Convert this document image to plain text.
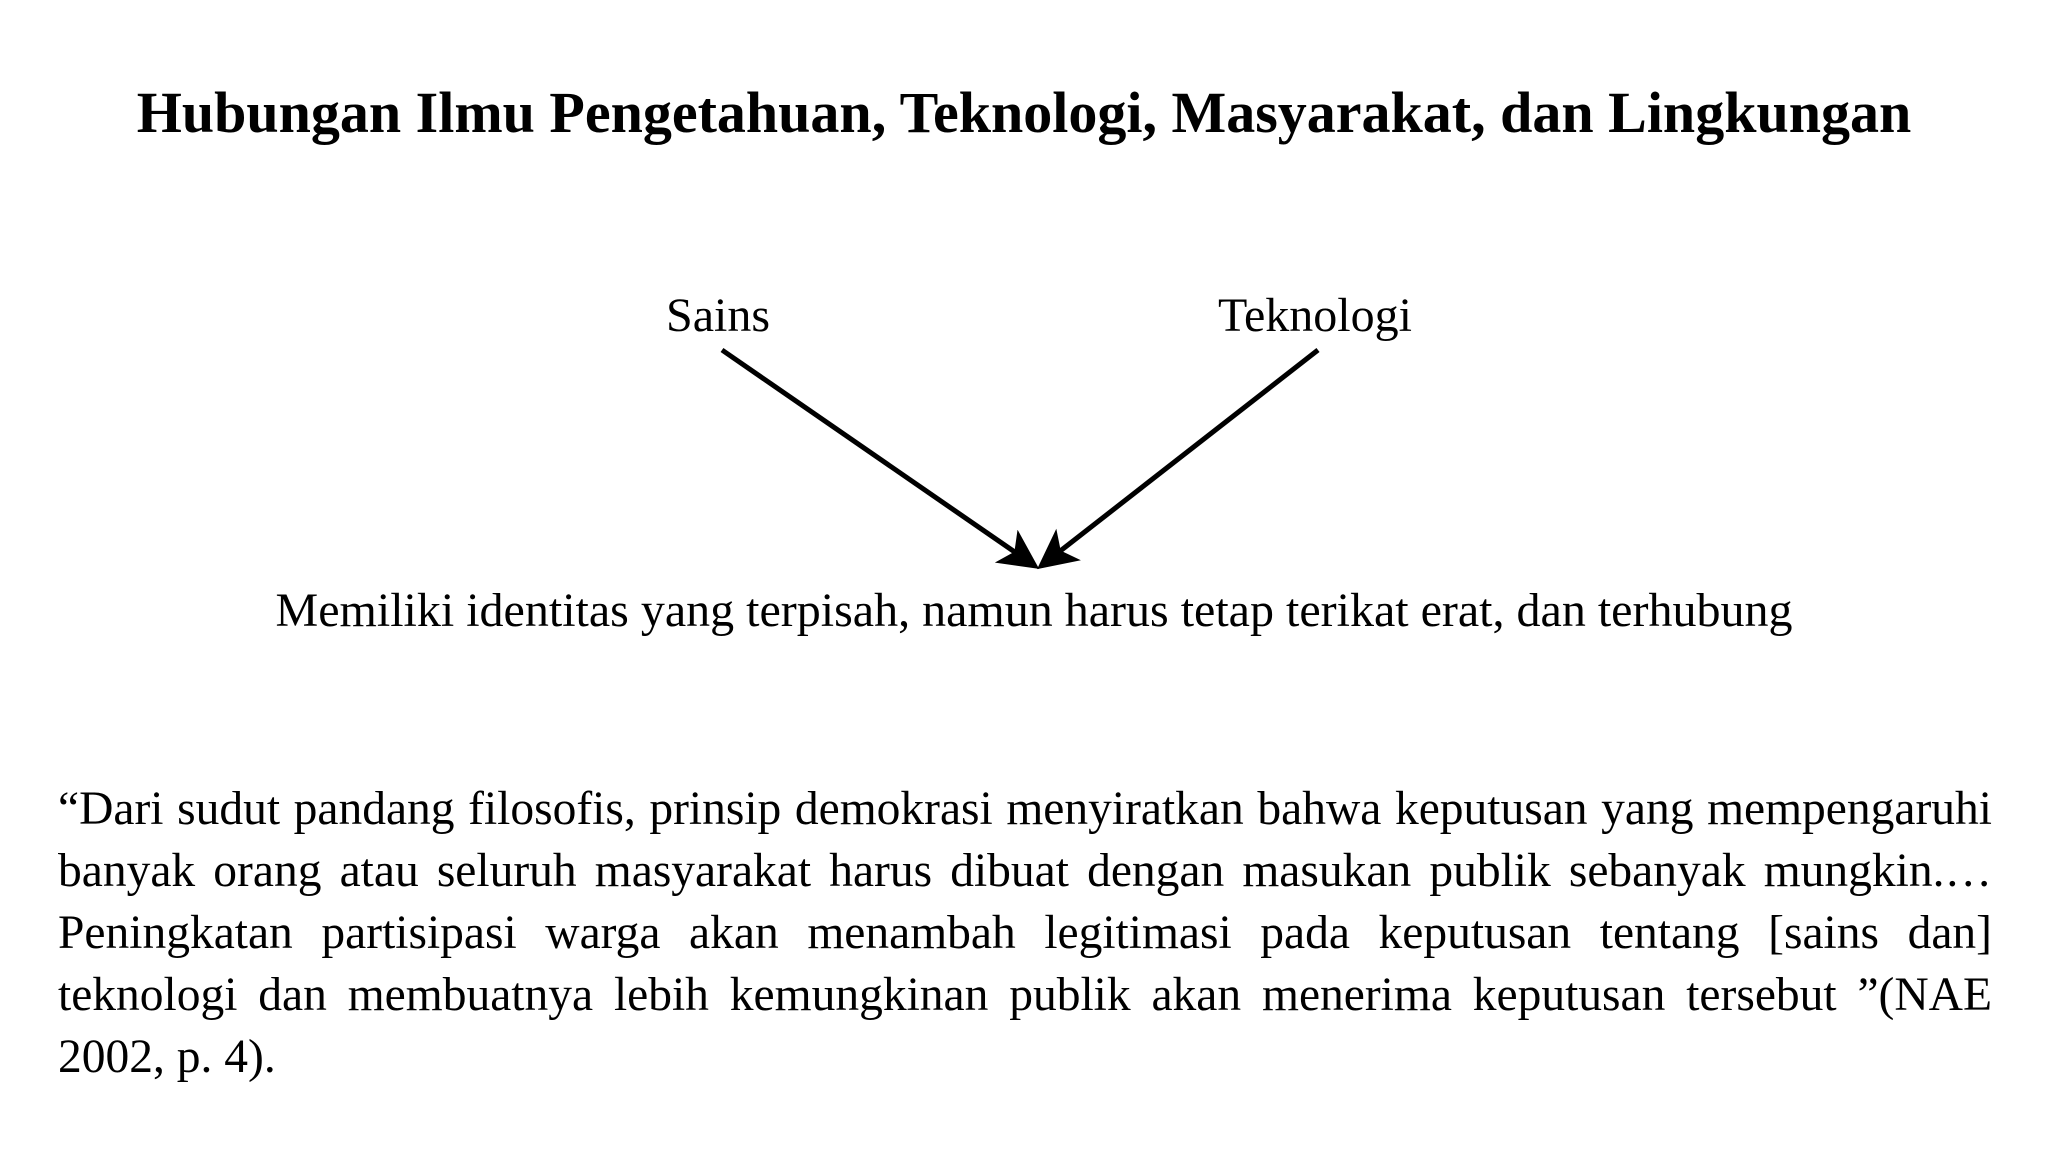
Hubungan Ilmu Pengetahuan, Teknologi, Masyarakat, dan Lingkungan
Sains	Teknologi
Memiliki identitas yang terpisah, namun harus tetap terikat erat, dan terhubung

“Dari sudut pandang filosofis, prinsip demokrasi menyiratkan bahwa keputusan yang mempengaruhi banyak orang atau seluruh masyarakat harus dibuat dengan masukan publik sebanyak mungkin.… Peningkatan partisipasi warga akan menambah legitimasi pada keputusan tentang [sains dan] teknologi dan membuatnya lebih kemungkinan publik akan menerima keputusan tersebut ”(NAE 2002, p. 4).
